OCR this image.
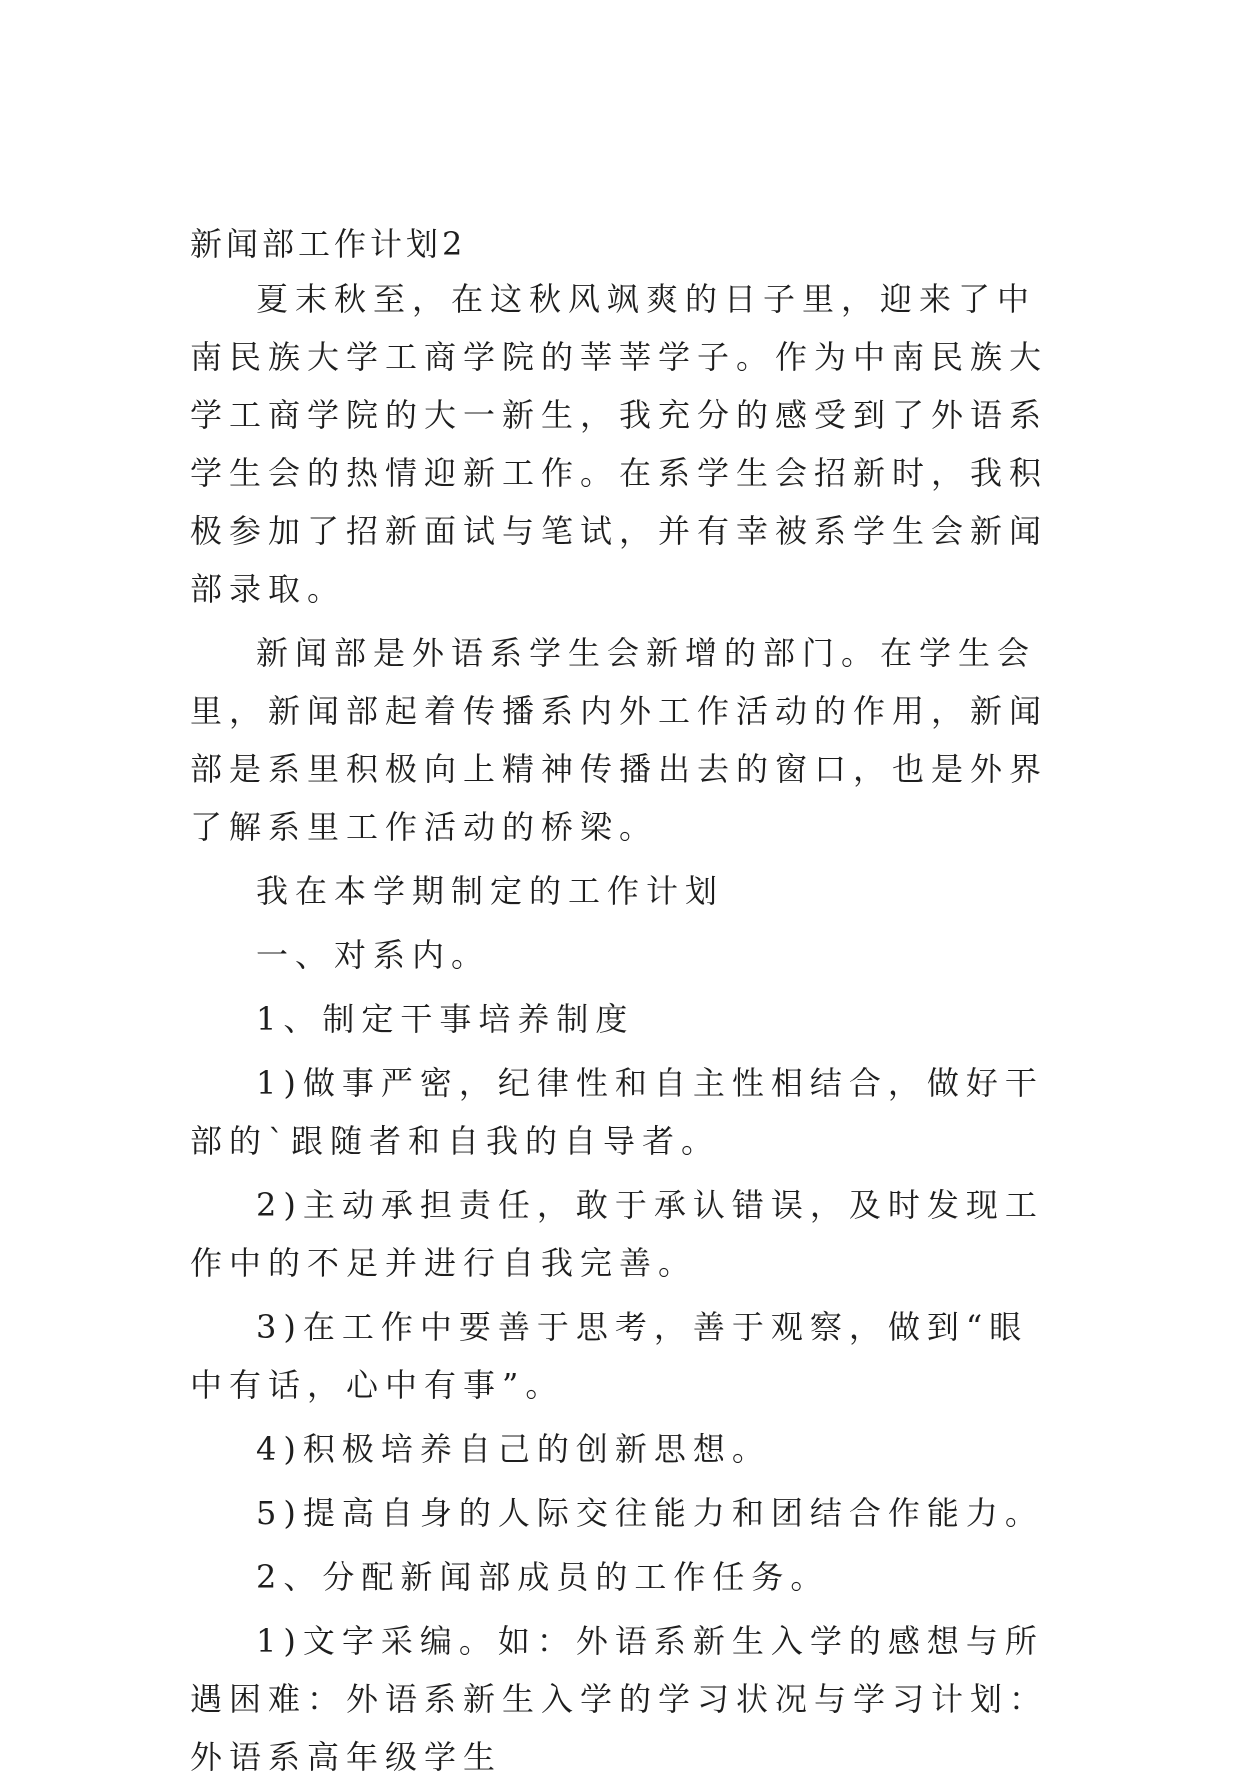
新闻部工作计划2

夏末秋至，在这秋风飒爽的日子里，迎来了中南民族大学工商学院的莘莘学子。作为中南民族大学工商学院的大一新生，我充分的感受到了外语系学生会的热情迎新工作。在系学生会招新时，我积极参加了招新面试与笔试，并有幸被系学生会新闻部录取。

新闻部是外语系学生会新增的部门。在学生会里，新闻部起着传播系内外工作活动的作用，新闻部是系里积极向上精神传播出去的窗口，也是外界了解系里工作活动的桥梁。

我在本学期制定的工作计划

一、对系内。

1、制定干事培养制度

1)做事严密，纪律性和自主性相结合，做好干部的`跟随者和自我的自导者。

2)主动承担责任，敢于承认错误，及时发现工作中的不足并进行自我完善。

3)在工作中要善于思考，善于观察，做到“眼中有话，心中有事”。

4)积极培养自己的创新思想。

5)提高自身的人际交往能力和团结合作能力。

2、分配新闻部成员的工作任务。

1)文字采编。如：外语系新生入学的感想与所遇困难：外语系新生入学的学习状况与学习计划：外语系高年级学生
